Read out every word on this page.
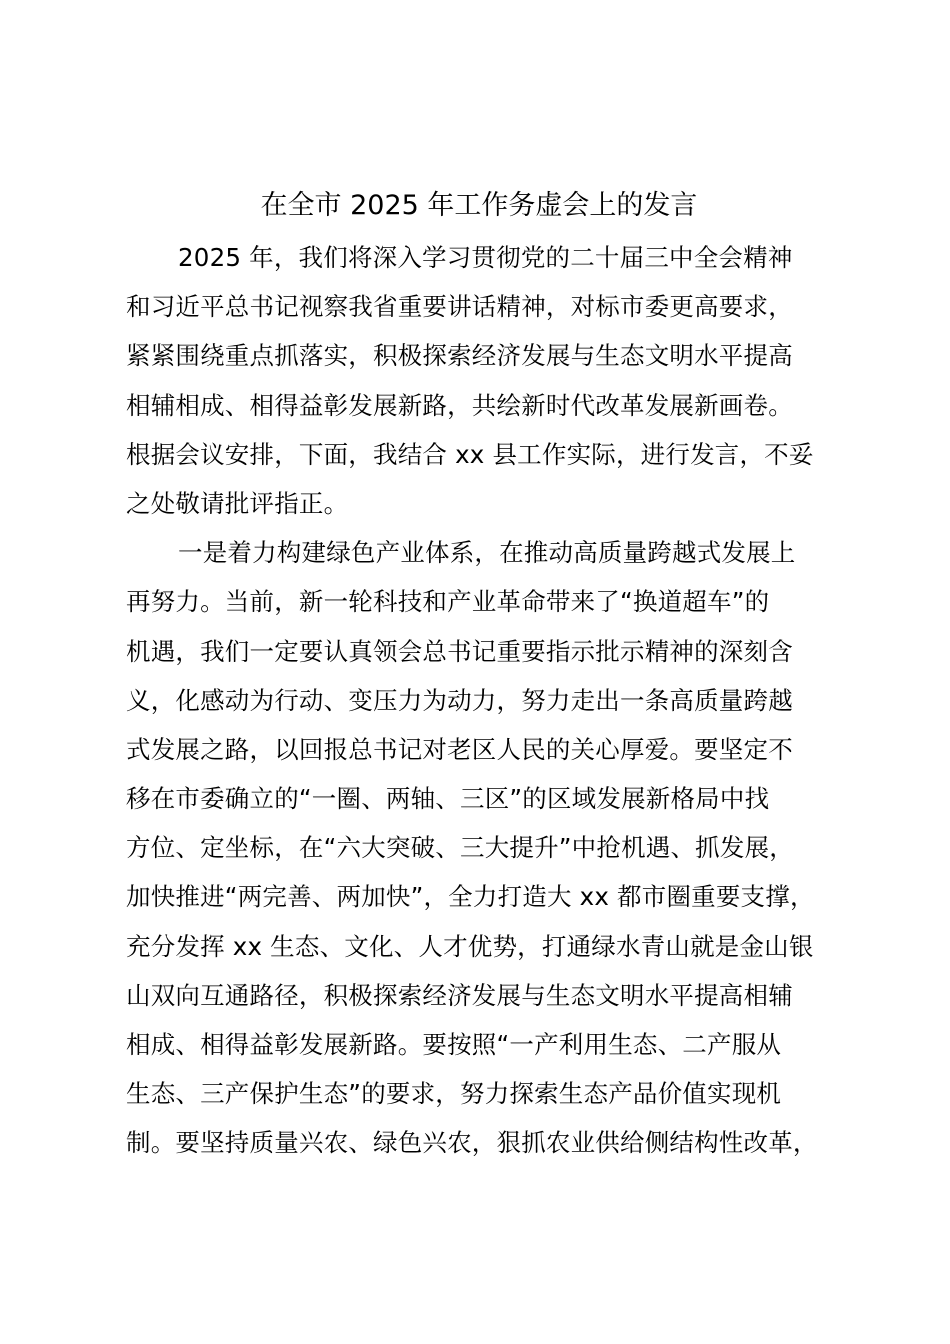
在全市 2025 年工作务虚会上的发言
2025 年，我们将深入学习贯彻党的二十届三中全会精神
和习近平总书记视察我省重要讲话精神，对标市委更高要求，
紧紧围绕重点抓落实，积极探索经济发展与生态文明水平提高
相辅相成、相得益彰发展新路，共绘新时代改革发展新画卷。
根据会议安排，下面，我结合 xx 县工作实际，进行发言，不妥
之处敬请批评指正。
一是着力构建绿色产业体系，在推动高质量跨越式发展上
再努力。当前，新一轮科技和产业革命带来了“换道超车”的
机遇，我们一定要认真领会总书记重要指示批示精神的深刻含
义，化感动为行动、变压力为动力，努力走出一条高质量跨越
式发展之路，以回报总书记对老区人民的关心厚爱。要坚定不
移在市委确立的“一圈、两轴、三区”的区域发展新格局中找
方位、定坐标，在“六大突破、三大提升”中抢机遇、抓发展，
加快推进“两完善、两加快”，全力打造大 xx 都市圈重要支撑，
充分发挥 xx 生态、文化、人才优势，打通绿水青山就是金山银
山双向互通路径，积极探索经济发展与生态文明水平提高相辅
相成、相得益彰发展新路。要按照“一产利用生态、二产服从
生态、三产保护生态”的要求，努力探索生态产品价值实现机
制。要坚持质量兴农、绿色兴农，狠抓农业供给侧结构性改革，
